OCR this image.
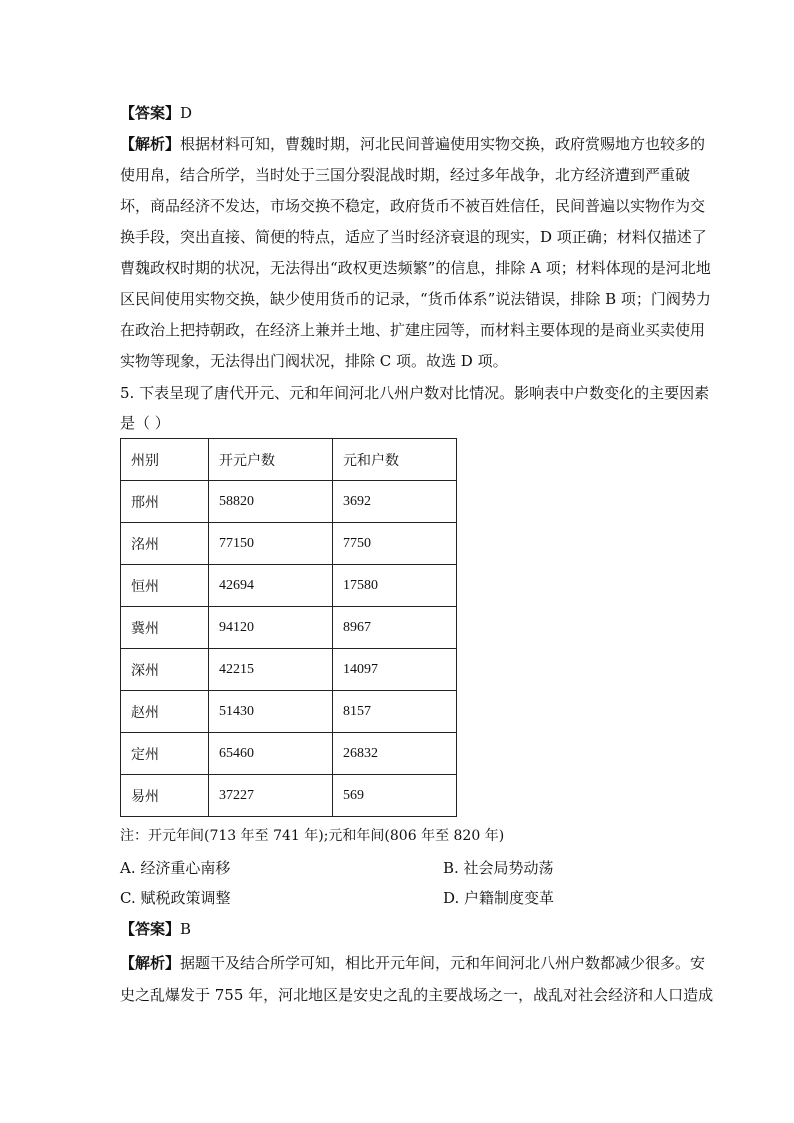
【答案】D
【解析】根据材料可知，曹魏时期，河北民间普遍使用实物交换，政府赏赐地方也较多的
使用帛，结合所学，当时处于三国分裂混战时期，经过多年战争，北方经济遭到严重破
坏，商品经济不发达，市场交换不稳定，政府货币不被百姓信任，民间普遍以实物作为交
换手段，突出直接、简便的特点，适应了当时经济衰退的现实，D 项正确；材料仅描述了
曹魏政权时期的状况，无法得出“政权更迭频繁”的信息，排除 A 项；材料体现的是河北地
区民间使用实物交换，缺少使用货币的记录，“货币体系”说法错误，排除 B 项；门阀势力
在政治上把持朝政，在经济上兼并土地、扩建庄园等，而材料主要体现的是商业买卖使用
实物等现象，无法得出门阀状况，排除 C 项。故选 D 项。
5. 下表呈现了唐代开元、元和年间河北八州户数对比情况。影响表中户数变化的主要因素
是（ ）
州别	开元户数	元和户数
邢州	58820	3692
洺州	77150	7750
恒州	42694	17580
冀州	94120	8967
深州	42215	14097
赵州	51430	8157
定州	65460	26832
易州	37227	569
注：开元年间(713 年至 741 年);元和年间(806 年至 820 年)
A. 经济重心南移	B. 社会局势动荡
C. 赋税政策调整	D. 户籍制度变革
【答案】B
【解析】据题干及结合所学可知，相比开元年间，元和年间河北八州户数都减少很多。安
史之乱爆发于 755 年，河北地区是安史之乱的主要战场之一，战乱对社会经济和人口造成
